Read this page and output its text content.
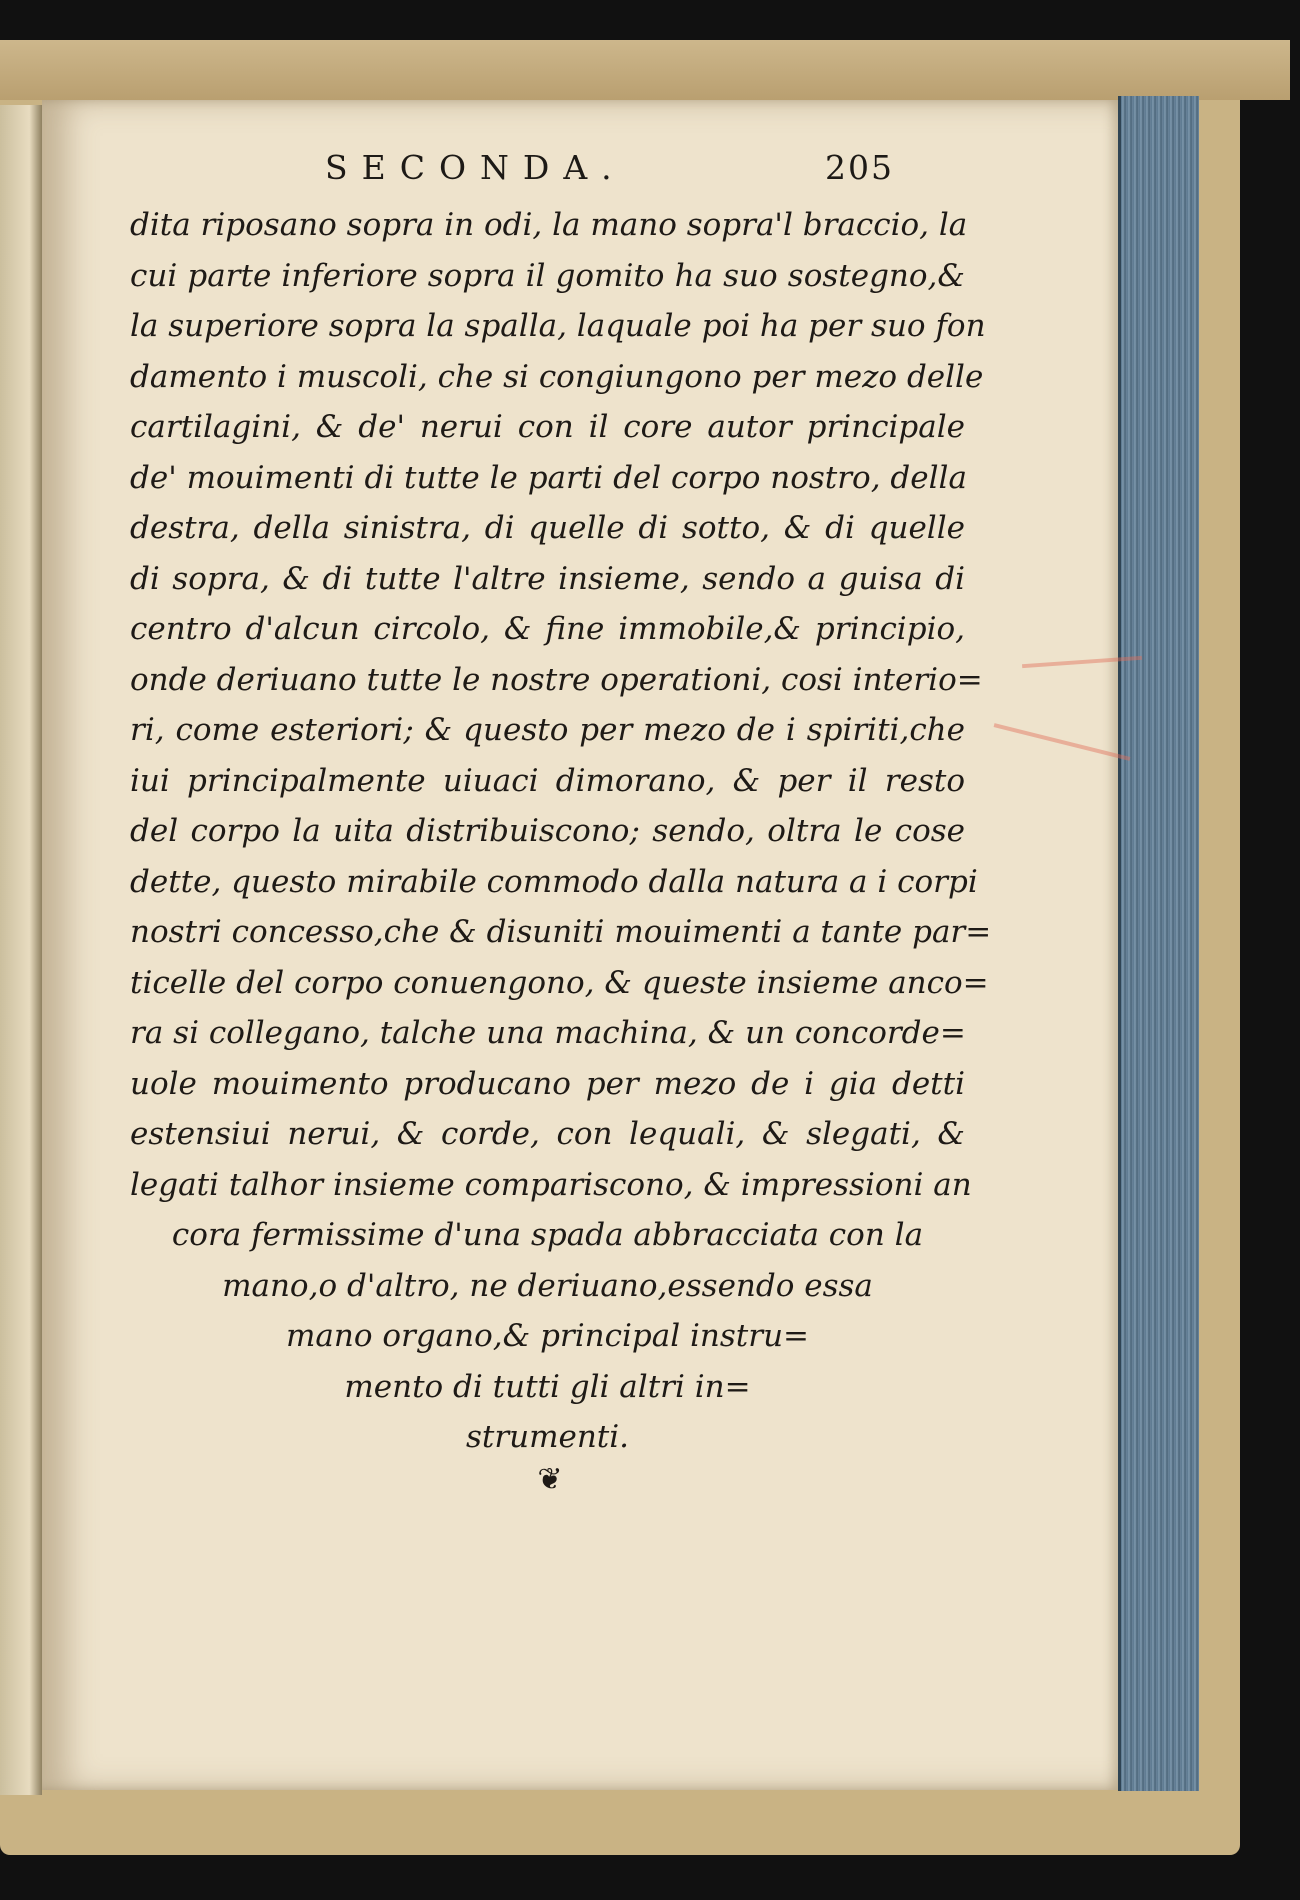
SECONDA.	205
dita riposano sopra in odi, la mano sopra'l braccio, la
cui parte inferiore sopra il gomito ha suo sostegno,&
la superiore sopra la spalla, laquale poi ha per suo fon
damento i muscoli, che si congiungono per mezo delle
cartilagini, & de' nerui con il core autor principale
de' mouimenti di tutte le parti del corpo nostro, della
destra, della sinistra, di quelle di sotto, & di quelle
di sopra, & di tutte l'altre insieme, sendo a guisa di
centro d'alcun circolo, & fine immobile,& principio,
onde deriuano tutte le nostre operationi, cosi interio=
ri, come esteriori; & questo per mezo de i spiriti,che
iui principalmente uiuaci dimorano, & per il resto
del corpo la uita distribuiscono; sendo, oltra le cose
dette, questo mirabile commodo dalla natura a i corpi
nostri concesso,che & disuniti mouimenti a tante par=
ticelle del corpo conuengono, & queste insieme anco=
ra si collegano, talche una machina, & un concorde=
uole mouimento producano per mezo de i gia detti
estensiui nerui, & corde, con lequali, & slegati, &
legati talhor insieme compariscono, & impressioni an
cora fermissime d'una spada abbracciata con la
mano,o d'altro, ne deriuano,essendo essa
mano organo,& principal instru=
mento di tutti gli altri in=
strumenti.
❦
